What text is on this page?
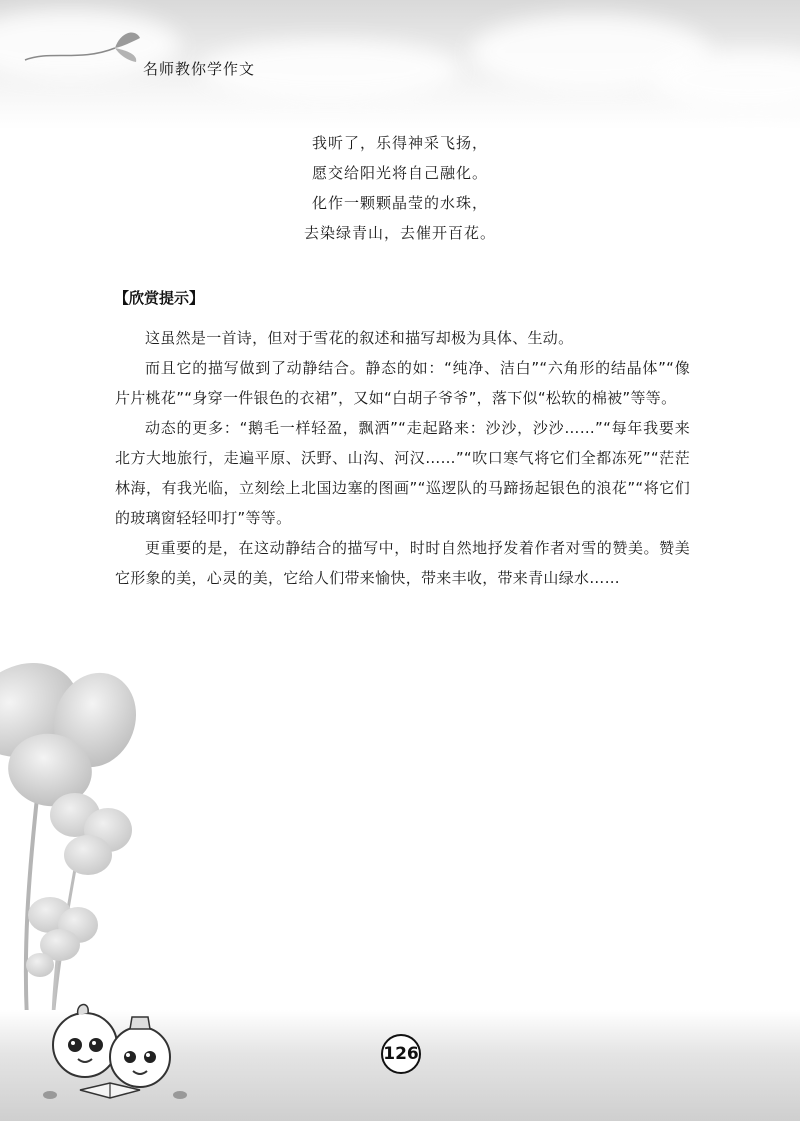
名师教你学作文
我听了，乐得神采飞扬，
愿交给阳光将自己融化。
化作一颗颗晶莹的水珠，
去染绿青山，去催开百花。
【欣赏提示】

这虽然是一首诗，但对于雪花的叙述和描写却极为具体、生动。

而且它的描写做到了动静结合。静态的如：“纯净、洁白”“六角形的结晶体”“像片片桃花”“身穿一件银色的衣裙”，又如“白胡子爷爷”，落下似“松软的棉被”等等。

动态的更多：“鹅毛一样轻盈，飘洒”“走起路来：沙沙，沙沙……”“每年我要来北方大地旅行，走遍平原、沃野、山沟、河汉……”“吹口寒气将它们全都冻死”“茫茫林海，有我光临，立刻绘上北国边塞的图画”“巡逻队的马蹄扬起银色的浪花”“将它们的玻璃窗轻轻叩打”等等。

更重要的是，在这动静结合的描写中，时时自然地抒发着作者对雪的赞美。赞美它形象的美，心灵的美，它给人们带来愉快，带来丰收，带来青山绿水……

126
